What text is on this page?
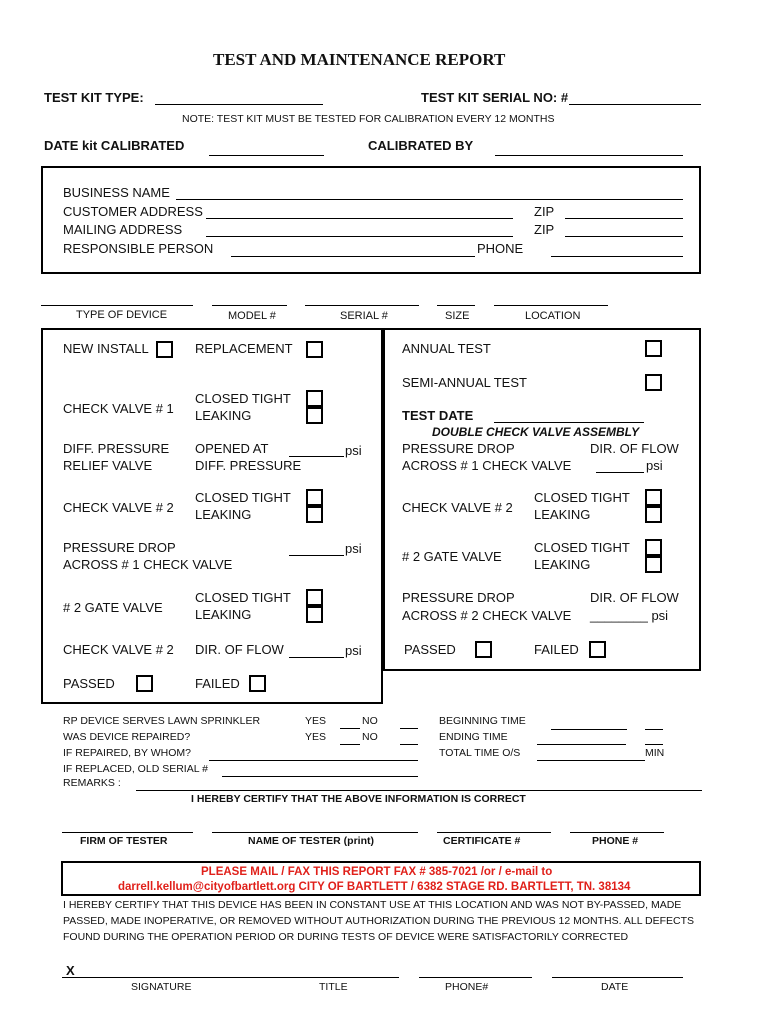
TEST AND MAINTENANCE REPORT
TEST KIT TYPE:	TEST KIT SERIAL NO: #
NOTE: TEST KIT MUST BE TESTED FOR CALIBRATION EVERY 12 MONTHS
DATE kit CALIBRATED	CALIBRATED BY
BUSINESS NAME
CUSTOMER ADDRESS	ZIP
MAILING ADDRESS	ZIP
RESPONSIBLE PERSON	PHONE
TYPE OF DEVICE	MODEL #	SERIAL #	SIZE	LOCATION
NEW INSTALL	REPLACEMENT
CHECK VALVE # 1
CLOSED TIGHT
LEAKING
DIFF. PRESSURE
RELIEF VALVE
OPENED AT
DIFF. PRESSURE
psi
CHECK VALVE # 2
CLOSED TIGHT
LEAKING
PRESSURE DROP
ACROSS # 1 CHECK VALVE
psi
# 2 GATE VALVE
CLOSED TIGHT
LEAKING
CHECK VALVE # 2 DIR. OF FLOW	psi
PASSED	FAILED
ANNUAL TEST
SEMI-ANNUAL TEST
TEST DATE
DOUBLE CHECK VALVE ASSEMBLY
PRESSURE DROP
ACROSS # 1 CHECK VALVE
DIR. OF FLOW
psi
CHECK VALVE # 2
CLOSED TIGHT
LEAKING
# 2 GATE VALVE
CLOSED TIGHT
LEAKING
PRESSURE DROP
ACROSS # 2 CHECK VALVE
DIR. OF FLOW
________ psi
PASSED	FAILED
RP DEVICE SERVES LAWN SPRINKLER
WAS DEVICE REPAIRED?
IF REPAIRED, BY WHOM?
IF REPLACED, OLD SERIAL #
REMARKS :
YES	NO
YES	NO
BEGINNING TIME
ENDING TIME
TOTAL TIME O/S	MIN
I HEREBY CERTIFY THAT THE ABOVE INFORMATION IS CORRECT
FIRM OF TESTER	NAME OF TESTER (print)	CERTIFICATE #	PHONE #
PLEASE MAIL / FAX THIS REPORT FAX # 385-7021 /or / e-mail to
darrell.kellum@cityofbartlett.org CITY OF BARTLETT / 6382 STAGE RD. BARTLETT, TN. 38134
I HEREBY CERTIFY THAT THIS DEVICE HAS BEEN IN CONSTANT USE AT THIS LOCATION AND WAS NOT BY-PASSED, MADE
PASSED, MADE INOPERATIVE, OR REMOVED WITHOUT AUTHORIZATION DURING THE PREVIOUS 12 MONTHS. ALL DEFECTS
FOUND DURING THE OPERATION PERIOD OR DURING TESTS OF DEVICE WERE SATISFACTORILY CORRECTED
X
SIGNATURE	TITLE	PHONE#	DATE
